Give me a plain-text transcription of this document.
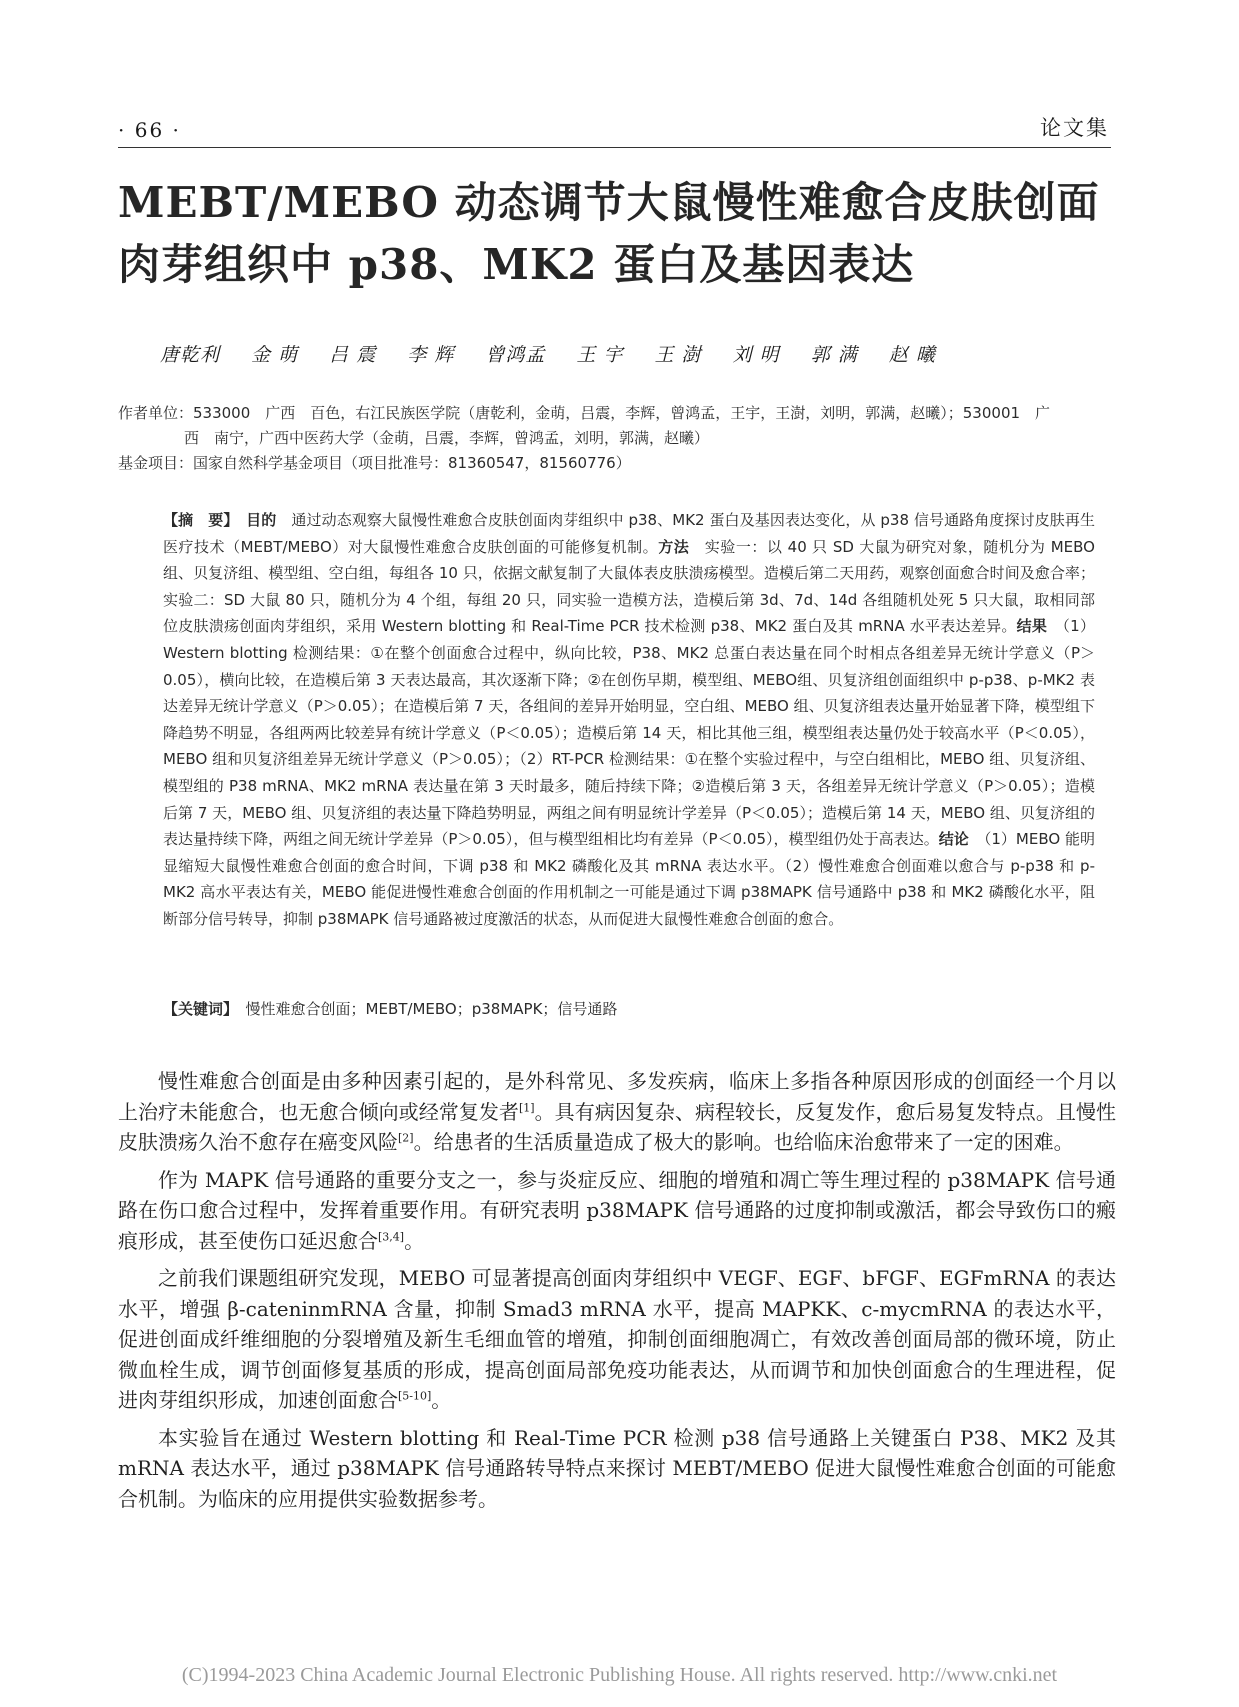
· 66 ·	论文集
MEBT/MEBO 动态调节大鼠慢性难愈合皮肤创面肉芽组织中 p38、MK2 蛋白及基因表达
唐乾利 金 萌 吕 震 李 辉 曾鸿孟 王 宇 王 澍 刘 明 郭 满 赵 曦
作者单位：533000　广西　百色，右江民族医学院（唐乾利，金萌，吕震，李辉，曾鸿孟，王宇，王澍，刘明，郭满，赵曦）；530001　广
西　南宁，广西中医药大学（金萌，吕震，李辉，曾鸿孟，刘明，郭满，赵曦）
基金项目：国家自然科学基金项目（项目批准号：81360547，81560776）
【摘　要】　 目的　 通过动态观察大鼠慢性难愈合皮肤创面肉芽组织中 p38、MK2 蛋白及基因表达变化，从 p38 信号通路角度探讨皮肤再生医疗技术（MEBT/MEBO）对大鼠慢性难愈合皮肤创面的可能修复机制。方法　 实验一：以 40 只 SD 大鼠为研究对象，随机分为 MEBO 组、贝复济组、模型组、空白组，每组各 10 只，依据文献复制了大鼠体表皮肤溃疡模型。造模后第二天用药，观察创面愈合时间及愈合率；实验二：SD 大鼠 80 只，随机分为 4 个组，每组 20 只，同实验一造模方法，造模后第 3d、7d、14d 各组随机处死 5 只大鼠，取相同部位皮肤溃疡创面肉芽组织，采用 Western blotting 和 Real-Time PCR 技术检测 p38、MK2 蛋白及其 mRNA 水平表达差异。结果　 （1）Western blotting 检测结果：①在整个创面愈合过程中，纵向比较，P38、MK2 总蛋白表达量在同个时相点各组差异无统计学意义（P＞0.05），横向比较，在造模后第 3 天表达最高，其次逐渐下降；②在创伤早期，模型组、MEBO组、贝复济组创面组织中 p-p38、p-MK2 表达差异无统计学意义（P＞0.05）；在造模后第 7 天，各组间的差异开始明显，空白组、MEBO 组、贝复济组表达量开始显著下降，模型组下降趋势不明显，各组两两比较差异有统计学意义（P＜0.05）；造模后第 14 天，相比其他三组，模型组表达量仍处于较高水平（P＜0.05），MEBO 组和贝复济组差异无统计学意义（P＞0.05）；（2）RT-PCR 检测结果：①在整个实验过程中，与空白组相比，MEBO 组、贝复济组、模型组的 P38 mRNA、MK2 mRNA 表达量在第 3 天时最多，随后持续下降；②造模后第 3 天，各组差异无统计学意义（P＞0.05）；造模后第 7 天，MEBO 组、贝复济组的表达量下降趋势明显，两组之间有明显统计学差异（P＜0.05）；造模后第 14 天，MEBO 组、贝复济组的表达量持续下降，两组之间无统计学差异（P＞0.05），但与模型组相比均有差异（P＜0.05），模型组仍处于高表达。结论　 （1）MEBO 能明显缩短大鼠慢性难愈合创面的愈合时间，下调 p38 和 MK2 磷酸化及其 mRNA 表达水平。（2）慢性难愈合创面难以愈合与 p-p38 和 p-MK2 高水平表达有关，MEBO 能促进慢性难愈合创面的作用机制之一可能是通过下调 p38MAPK 信号通路中 p38 和 MK2 磷酸化水平，阻断部分信号转导，抑制 p38MAPK 信号通路被过度激活的状态，从而促进大鼠慢性难愈合创面的愈合。
【关键词】　 慢性难愈合创面；MEBT/MEBO；p38MAPK；信号通路

慢性难愈合创面是由多种因素引起的，是外科常见、多发疾病，临床上多指各种原因形成的创面经一个月以上治疗未能愈合，也无愈合倾向或经常复发者[1]。具有病因复杂、病程较长，反复发作，愈后易复发特点。且慢性皮肤溃疡久治不愈存在癌变风险[2]。给患者的生活质量造成了极大的影响。也给临床治愈带来了一定的困难。

作为 MAPK 信号通路的重要分支之一，参与炎症反应、细胞的增殖和凋亡等生理过程的 p38MAPK 信号通路在伤口愈合过程中，发挥着重要作用。有研究表明 p38MAPK 信号通路的过度抑制或激活，都会导致伤口的瘢痕形成，甚至使伤口延迟愈合[3,4]。

之前我们课题组研究发现，MEBO 可显著提高创面肉芽组织中 VEGF、EGF、bFGF、EGFmRNA 的表达水平，增强 β-cateninmRNA 含量，抑制 Smad3 mRNA 水平，提高 MAPKK、c-mycmRNA 的表达水平，促进创面成纤维细胞的分裂增殖及新生毛细血管的增殖，抑制创面细胞凋亡，有效改善创面局部的微环境，防止微血栓生成，调节创面修复基质的形成，提高创面局部免疫功能表达，从而调节和加快创面愈合的生理进程，促进肉芽组织形成，加速创面愈合[5-10]。

本实验旨在通过 Western blotting 和 Real-Time PCR 检测 p38 信号通路上关键蛋白 P38、MK2 及其mRNA 表达水平，通过 p38MAPK 信号通路转导特点来探讨 MEBT/MEBO 促进大鼠慢性难愈合创面的可能愈合机制。为临床的应用提供实验数据参考。

(C)1994-2023 China Academic Journal Electronic Publishing House. All rights reserved. http://www.cnki.net
